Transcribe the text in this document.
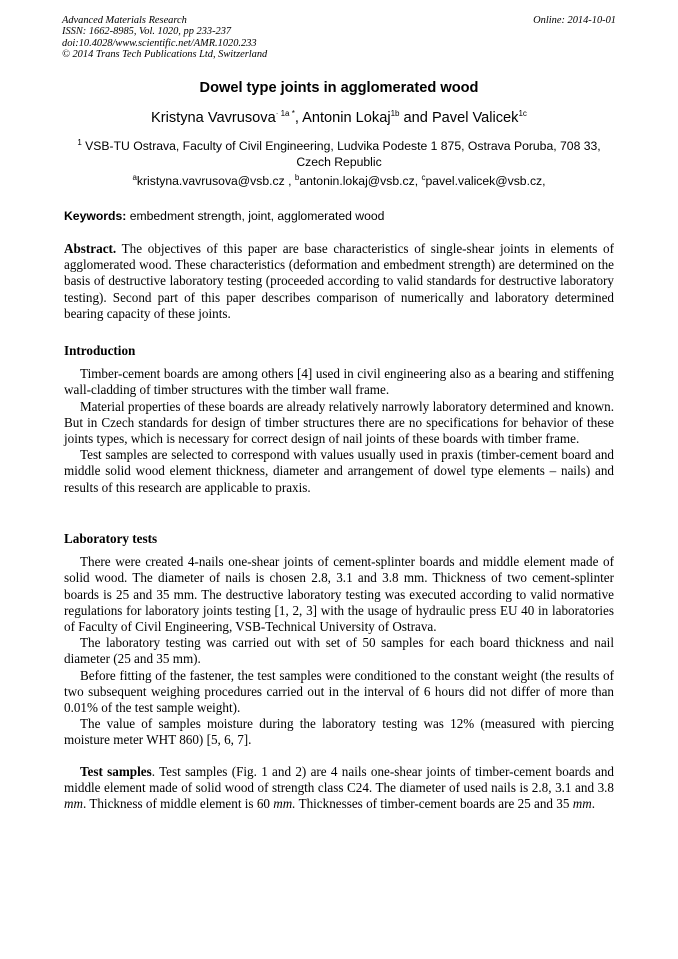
Advanced Materials Research
ISSN: 1662-8985, Vol. 1020, pp 233-237
doi:10.4028/www.scientific.net/AMR.1020.233
© 2014 Trans Tech Publications Ltd, Switzerland
Online: 2014-10-01
Dowel type joints in agglomerated wood
Kristyna Vavrusova$^{\cdot 1a *}$, Antonin Lokaj$^{1b}$ and Pavel Valicek$^{1c}$
$^1$ VSB-TU Ostrava, Faculty of Civil Engineering, Ludvika Podeste 1 875, Ostrava Poruba, 708 33, Czech Republic
$^a$kristyna.vavrusova@vsb.cz , $^b$antonin.lokaj@vsb.cz, $^c$pavel.valicek@vsb.cz,
Keywords: embedment strength, joint, agglomerated wood

Abstract. The objectives of this paper are base characteristics of single-shear joints in elements of agglomerated wood. These characteristics (deformation and embedment strength) are determined on the basis of destructive laboratory testing (proceeded according to valid standards for destructive laboratory testing). Second part of this paper describes comparison of numerically and laboratory determined bearing capacity of these joints.

Introduction

Timber-cement boards are among others [4] used in civil engineering also as a bearing and stiffening wall-cladding of timber structures with the timber wall frame.

Material properties of these boards are already relatively narrowly laboratory determined and known. But in Czech standards for design of timber structures there are no specifications for behavior of these joints types, which is necessary for correct design of nail joints of these boards with timber frame.

Test samples are selected to correspond with values usually used in praxis (timber-cement board and middle solid wood element thickness, diameter and arrangement of dowel type elements – nails) and results of this research are applicable to praxis.

Laboratory tests

There were created 4-nails one-shear joints of cement-splinter boards and middle element made of solid wood. The diameter of nails is chosen 2.8, 3.1 and 3.8 mm. Thickness of two cement-splinter boards is 25 and 35 mm. The destructive laboratory testing was executed according to valid normative regulations for laboratory joints testing [1, 2, 3] with the usage of hydraulic press EU 40 in laboratories of Faculty of Civil Engineering, VSB-Technical University of Ostrava.

The laboratory testing was carried out with set of 50 samples for each board thickness and nail diameter (25 and 35 mm).

Before fitting of the fastener, the test samples were conditioned to the constant weight (the results of two subsequent weighing procedures carried out in the interval of 6 hours did not differ of more than 0.01% of the test sample weight).

The value of samples moisture during the laboratory testing was 12% (measured with piercing moisture meter WHT 860) [5, 6, 7].

Test samples. Test samples (Fig. 1 and 2) are 4 nails one-shear joints of timber-cement boards and middle element made of solid wood of strength class C24. The diameter of used nails is 2.8, 3.1 and 3.8 mm. Thickness of middle element is 60 mm. Thicknesses of timber-cement boards are 25 and 35 mm.
